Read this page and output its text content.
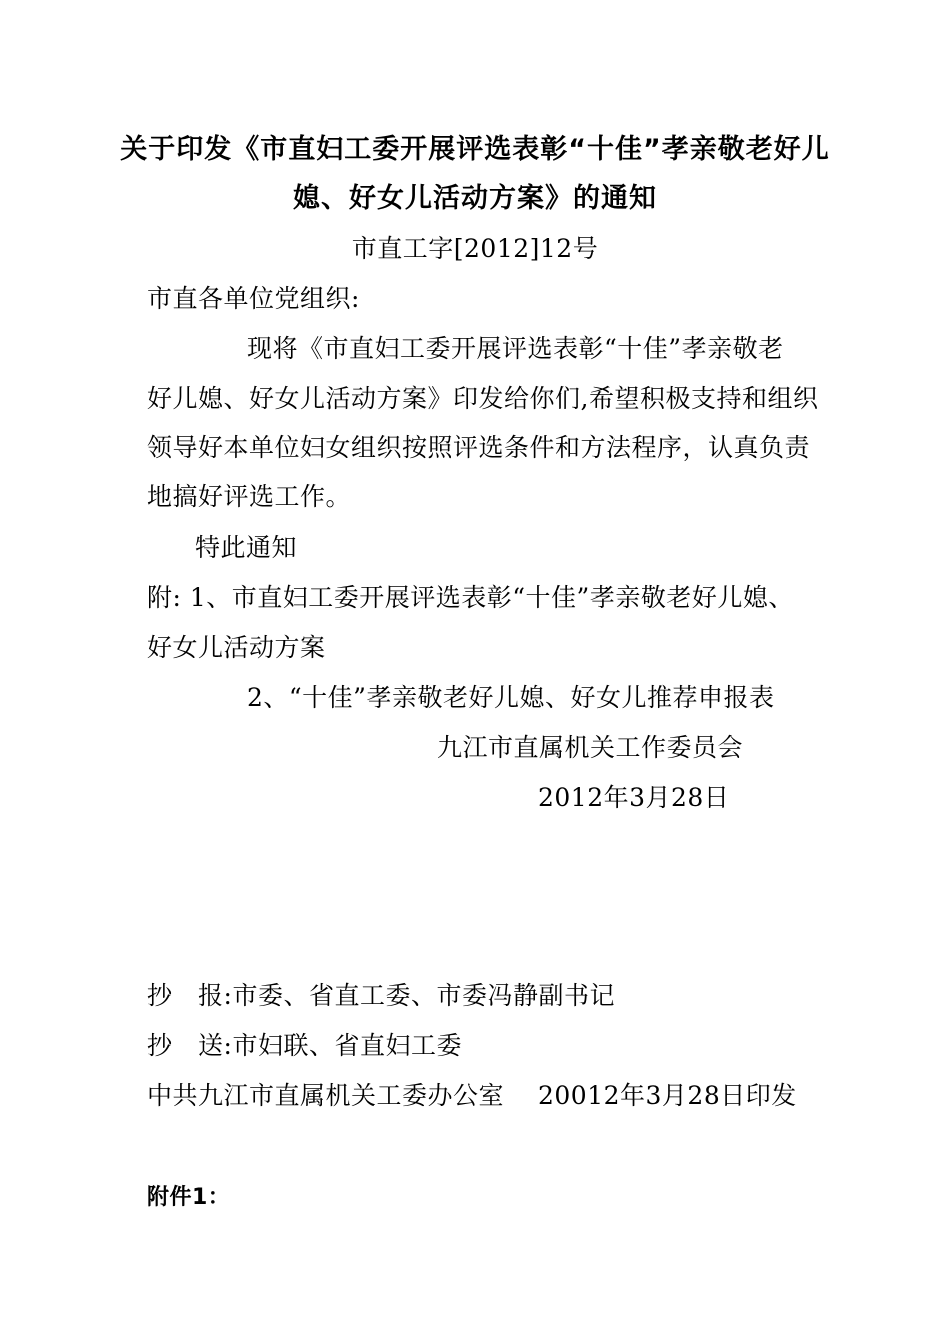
关于印发《市直妇工委开展评选表彰“十佳”孝亲敬老好儿
媳、好女儿活动方案》的通知
市直工字[2012]12号
市直各单位党组织:
现将《市直妇工委开展评选表彰“十佳”孝亲敬老
好儿媳、好女儿活动方案》印发给你们,希望积极支持和组织
领导好本单位妇女组织按照评选条件和方法程序，认真负责
地搞好评选工作。
特此通知
附: 1、市直妇工委开展评选表彰“十佳”孝亲敬老好儿媳、
好女儿活动方案
2、“十佳”孝亲敬老好儿媳、好女儿推荐申报表
九江市直属机关工作委员会
2012年3月28日
抄　报:市委、省直工委、市委冯静副书记
抄　送:市妇联、省直妇工委
中共九江市直属机关工委办公室 20012年3月28日印发
附件1：
